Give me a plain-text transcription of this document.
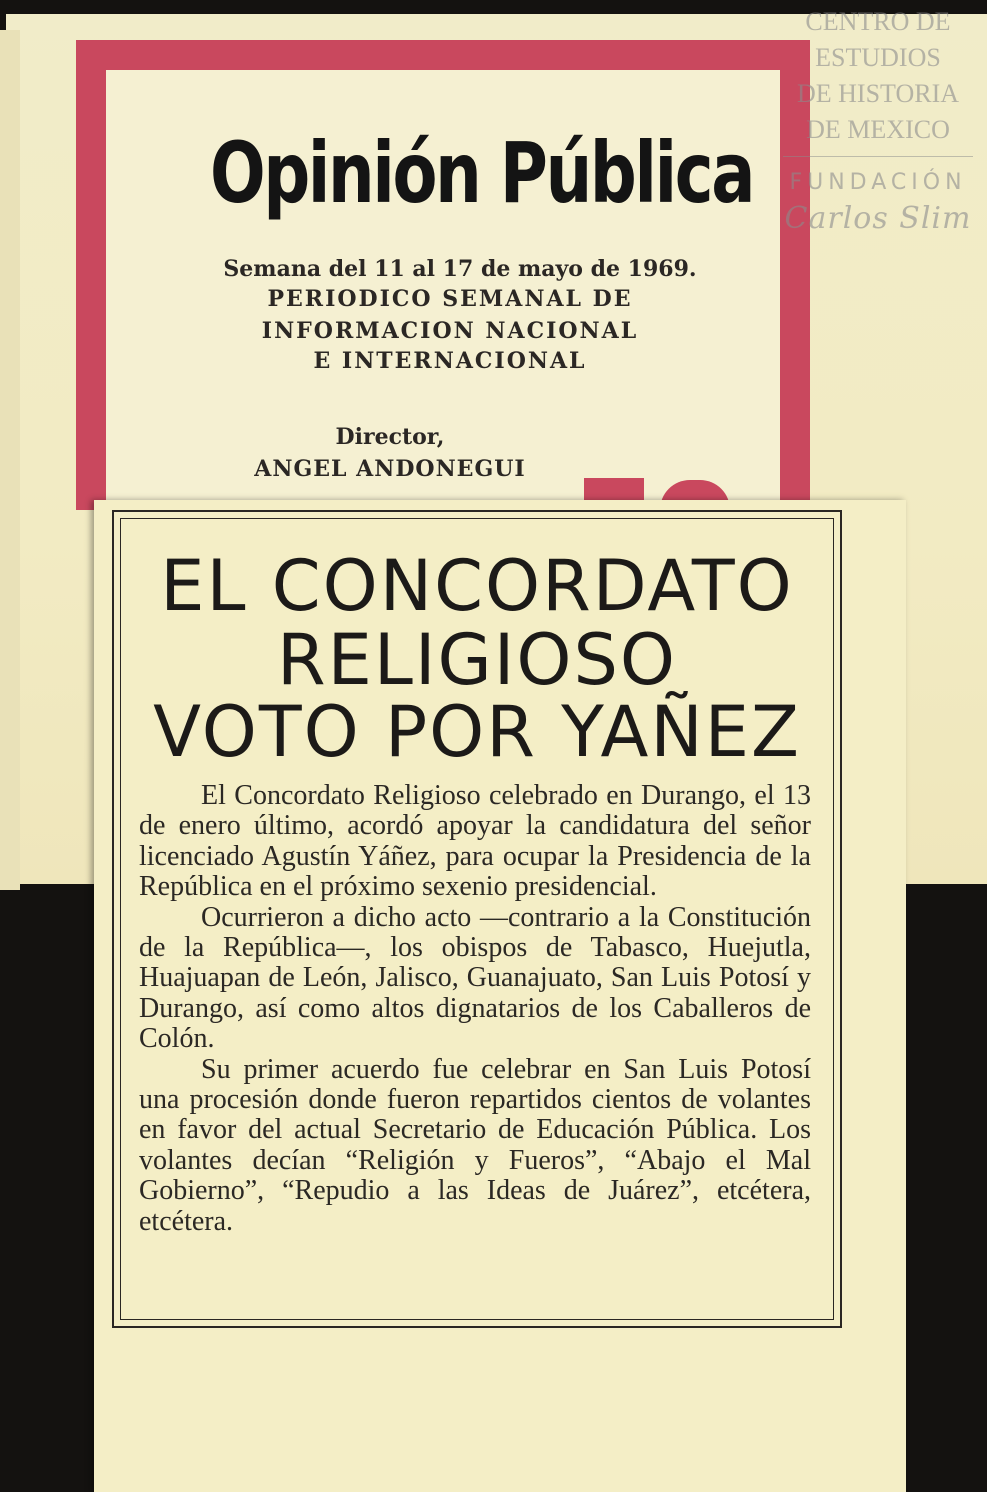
Opinión Pública
Semana del 11 al 17 de mayo de 1969.
PERIODICO SEMANAL DE
INFORMACION NACIONAL
E INTERNACIONAL
Director,
ANGEL ANDONEGUI
EL CONCORDATO
RELIGIOSO
VOTO POR YAÑEZ

El Concordato Religioso celebrado en Durango, el 13 de enero último, acordó apoyar la candidatura del señor licenciado Agustín Yáñez, para ocupar la Presidencia de la República en el próximo sexenio presidencial.

Ocurrieron a dicho acto —contrario a la Constitución de la República—, los obispos de Tabasco, Huejutla, Huajuapan de León, Jalisco, Guanajuato, San Luis Potosí y Durango, así como altos dignatarios de los Caballeros de Colón.

Su primer acuerdo fue celebrar en San Luis Potosí una procesión donde fueron repartidos cientos de volantes en favor del actual Secretario de Educación Pública. Los volantes decían “Religión y Fueros”, “Abajo el Mal Gobierno”, “Repudio a las Ideas de Juárez”, etcétera, etcétera.

CENTRO DE
ESTUDIOS
DE HISTORIA
DE MEXICO
FUNDACIÓN
Carlos Slim
